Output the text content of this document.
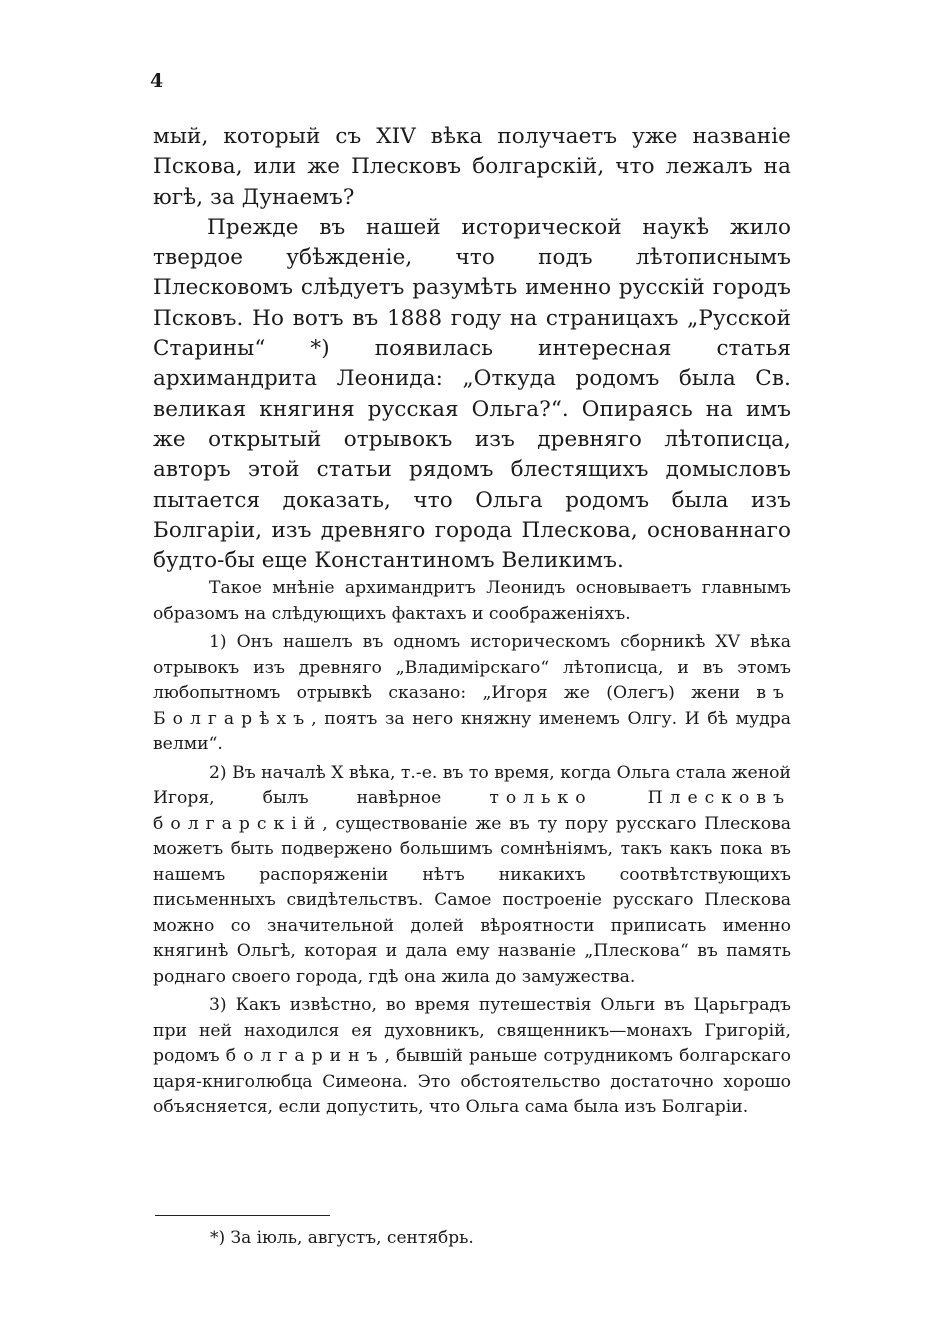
4

мый, который съ XIV вѣка получаетъ уже названіе Пскова, или же Плесковъ болгарскій, что лежалъ на югѣ, за Дунаемъ?

Прежде въ нашей исторической наукѣ жило твердое убѣжденіе, что подъ лѣтописнымъ Плесковомъ слѣдуетъ разумѣть именно русскій городъ Псковъ. Но вотъ въ 1888 году на страницахъ „Русской Старины“ *) появилась интересная статья архимандрита Леонида: „Откуда родомъ была Св. великая княгиня русская Ольга?“. Опираясь на имъ же открытый отрывокъ изъ древняго лѣтописца, авторъ этой статьи рядомъ блестящихъ домысловъ пытается доказать, что Ольга родомъ была изъ Болгаріи, изъ древняго города Плескова, основаннаго будто-бы еще Константиномъ Великимъ.

Такое мнѣніе архимандритъ Леонидъ основываетъ главнымъ образомъ на слѣдующихъ фактахъ и соображеніяхъ.

1) Онъ нашелъ въ одномъ историческомъ сборникѣ XV вѣка отрывокъ изъ древняго „Владимірскаго“ лѣтописца, и въ этомъ любопытномъ отрывкѣ сказано: „Игоря же (Олегъ) жени въ Болгарѣхъ, поятъ за него княжну именемъ Олгу. И бѣ мудра велми“.

2) Въ началѣ X вѣка, т.-е. въ то время, когда Ольга стала женой Игоря, былъ навѣрное только Плесковъ болгарскій, существованіе же въ ту пору русскаго Плескова можетъ быть подвержено большимъ сомнѣніямъ, такъ какъ пока въ нашемъ распоряженіи нѣтъ никакихъ соотвѣтствующихъ письменныхъ свидѣтельствъ. Самое построеніе русскаго Плескова можно со значительной долей вѣроятности приписать именно княгинѣ Ольгѣ, которая и дала ему названіе „Плескова“ въ память роднаго своего города, гдѣ она жила до замужества.

3) Какъ извѣстно, во время путешествія Ольги въ Царьградъ при ней находился ея духовникъ, священникъ—монахъ Григорій, родомъ болгаринъ, бывшій раньше сотрудникомъ болгарскаго царя-книголюбца Симеона. Это обстоятельство достаточно хорошо объясняется, если допустить, что Ольга сама была изъ Болгаріи.

*) За іюль, августъ, сентябрь.
